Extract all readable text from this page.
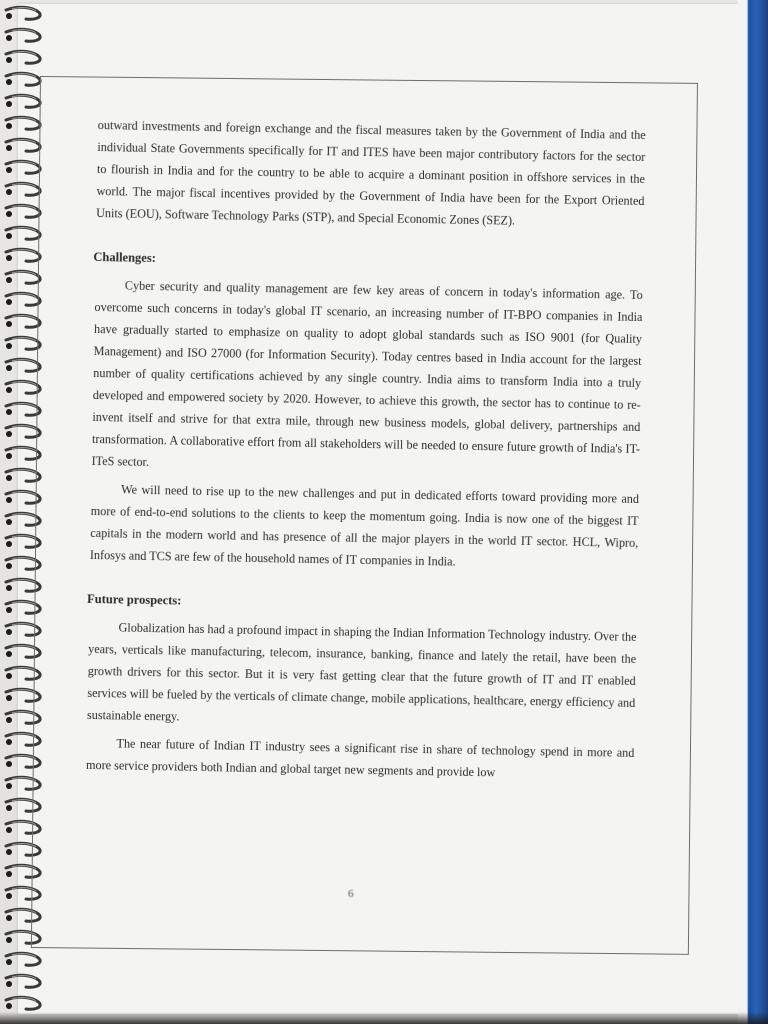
outward investments and foreign exchange and the fiscal measures taken by the Government of India and the individual State Governments specifically for IT and ITES have been major contributory factors for the sector to flourish in India and for the country to be able to acquire a dominant position in offshore services in the world. The major fiscal incentives provided by the Government of India have been for the Export Oriented Units (EOU), Software Technology Parks (STP), and Special Economic Zones (SEZ).

Challenges:

Cyber security and quality management are few key areas of concern in today's information age. To overcome such concerns in today's global IT scenario, an increasing number of IT-BPO companies in India have gradually started to emphasize on quality to adopt global standards such as ISO 9001 (for Quality Management) and ISO 27000 (for Information Security). Today centres based in India account for the largest number of quality certifications achieved by any single country. India aims to transform India into a truly developed and empowered society by 2020. However, to achieve this growth, the sector has to continue to re-invent itself and strive for that extra mile, through new business models, global delivery, partnerships and transformation. A collaborative effort from all stakeholders will be needed to ensure future growth of India's IT-ITeS sector.

We will need to rise up to the new challenges and put in dedicated efforts toward providing more and more of end-to-end solutions to the clients to keep the momentum going. India is now one of the biggest IT capitals in the modern world and has presence of all the major players in the world IT sector. HCL, Wipro, Infosys and TCS are few of the household names of IT companies in India.

Future prospects:

Globalization has had a profound impact in shaping the Indian Information Technology industry. Over the years, verticals like manufacturing, telecom, insurance, banking, finance and lately the retail, have been the growth drivers for this sector. But it is very fast getting clear that the future growth of IT and IT enabled services will be fueled by the verticals of climate change, mobile applications, healthcare, energy efficiency and sustainable energy.

The near future of Indian IT industry sees a significant rise in share of technology spend in more and more service providers both Indian and global target new segments and provide low

6
